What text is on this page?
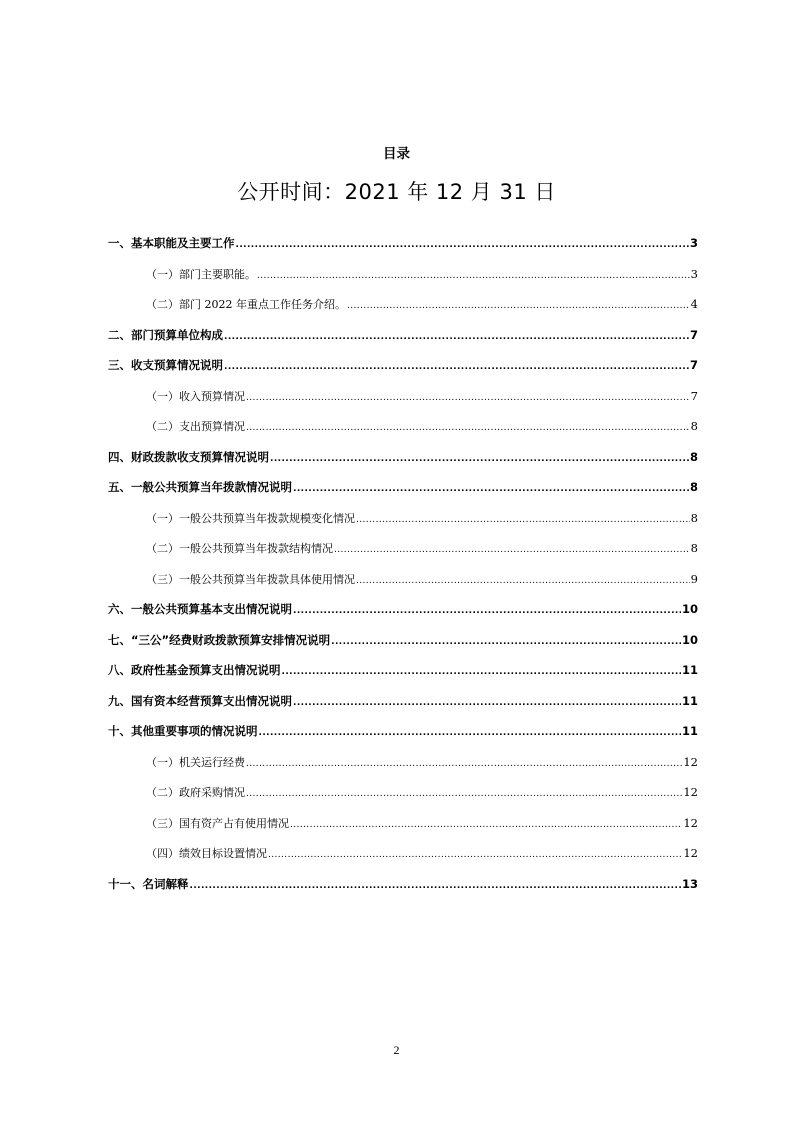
目录
公开时间：2021 年 12 月 31 日
一、基本职能及主要工作 .....	3
（一）部门主要职能。 .....	3
（二）部门 2022 年重点工作任务介绍。 .....	4
二、部门预算单位构成 .....	7
三、收支预算情况说明 .....	7
（一）收入预算情况 .....	7
（二）支出预算情况 .....	8
四、财政拨款收支预算情况说明 .....	8
五、一般公共预算当年拨款情况说明 .....	8
（一）一般公共预算当年拨款规模变化情况 .....	8
（二）一般公共预算当年拨款结构情况 .....	8
（三）一般公共预算当年拨款具体使用情况 .....	9
六、一般公共预算基本支出情况说明 .....	10
七、“三公”经费财政拨款预算安排情况说明 .....	10
八、政府性基金预算支出情况说明 .....	11
九、国有资本经营预算支出情况说明 .....	11
十、其他重要事项的情况说明 .....	11
（一）机关运行经费 .....	12
（二）政府采购情况 .....	12
（三）国有资产占有使用情况 .....	12
（四）绩效目标设置情况 .....	12
十一、名词解释 .....	13
2
